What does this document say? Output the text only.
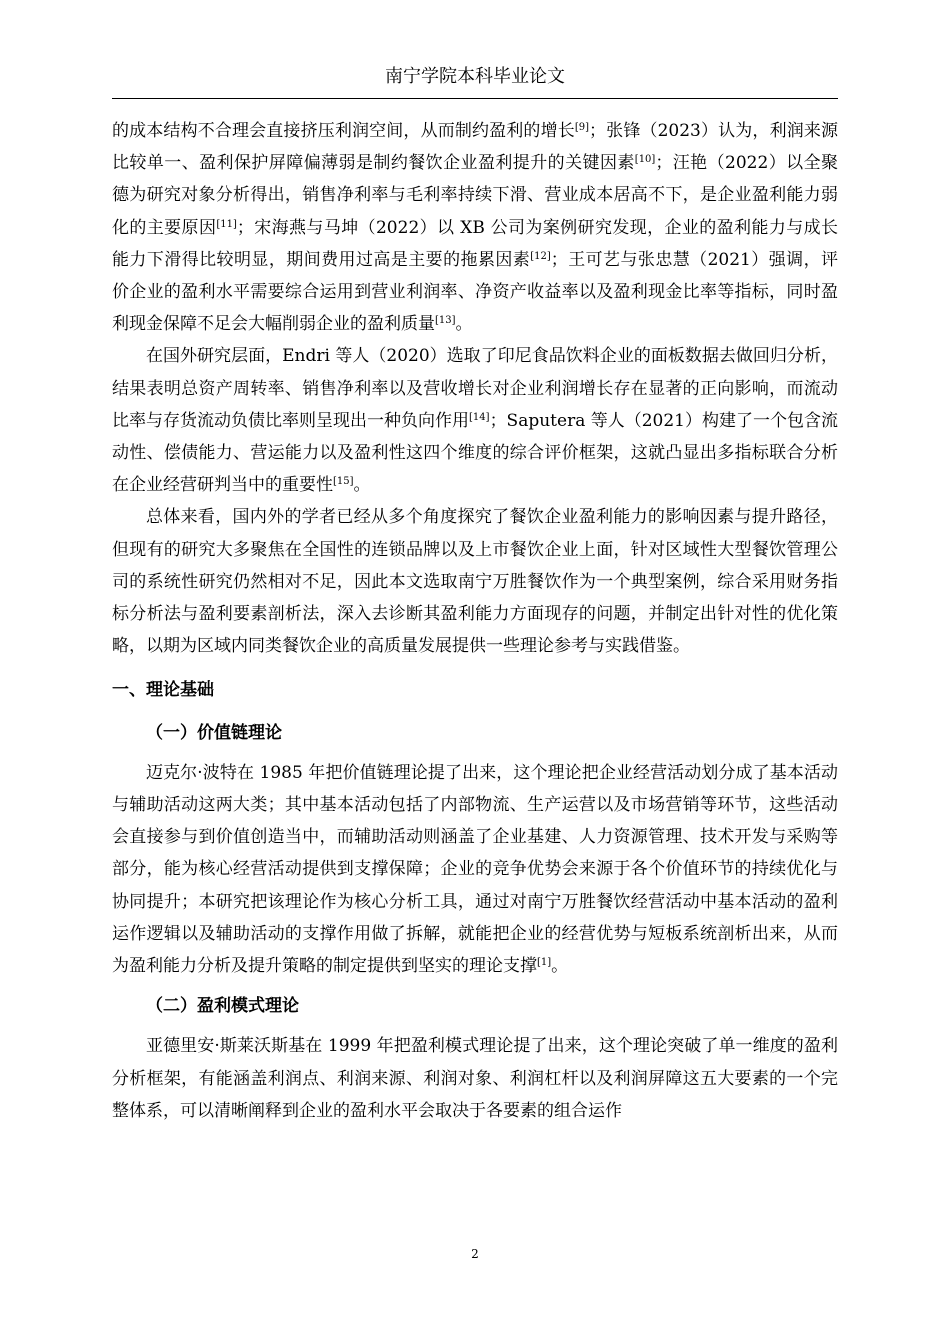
南宁学院本科毕业论文

的成本结构不合理会直接挤压利润空间，从而制约盈利的增长[9]；张锋（2023）认为，利润来源比较单一、盈利保护屏障偏薄弱是制约餐饮企业盈利提升的关键因素[10]；汪艳（2022）以全聚德为研究对象分析得出，销售净利率与毛利率持续下滑、营业成本居高不下，是企业盈利能力弱化的主要原因[11]；宋海燕与马坤（2022）以 XB 公司为案例研究发现，企业的盈利能力与成长能力下滑得比较明显，期间费用过高是主要的拖累因素[12]；王可艺与张忠慧（2021）强调，评价企业的盈利水平需要综合运用到营业利润率、净资产收益率以及盈利现金比率等指标，同时盈利现金保障不足会大幅削弱企业的盈利质量[13]。

在国外研究层面，Endri 等人（2020）选取了印尼食品饮料企业的面板数据去做回归分析，结果表明总资产周转率、销售净利率以及营收增长对企业利润增长存在显著的正向影响，而流动比率与存货流动负债比率则呈现出一种负向作用[14]；Saputera 等人（2021）构建了一个包含流动性、偿债能力、营运能力以及盈利性这四个维度的综合评价框架，这就凸显出多指标联合分析在企业经营研判当中的重要性[15]。

总体来看，国内外的学者已经从多个角度探究了餐饮企业盈利能力的影响因素与提升路径，但现有的研究大多聚焦在全国性的连锁品牌以及上市餐饮企业上面，针对区域性大型餐饮管理公司的系统性研究仍然相对不足，因此本文选取南宁万胜餐饮作为一个典型案例，综合采用财务指标分析法与盈利要素剖析法，深入去诊断其盈利能力方面现存的问题，并制定出针对性的优化策略，以期为区域内同类餐饮企业的高质量发展提供一些理论参考与实践借鉴。

一、理论基础
（一）价值链理论

迈克尔·波特在 1985 年把价值链理论提了出来，这个理论把企业经营活动划分成了基本活动与辅助活动这两大类；其中基本活动包括了内部物流、生产运营以及市场营销等环节，这些活动会直接参与到价值创造当中，而辅助活动则涵盖了企业基建、人力资源管理、技术开发与采购等部分，能为核心经营活动提供到支撑保障；企业的竞争优势会来源于各个价值环节的持续优化与协同提升；本研究把该理论作为核心分析工具，通过对南宁万胜餐饮经营活动中基本活动的盈利运作逻辑以及辅助活动的支撑作用做了拆解，就能把企业的经营优势与短板系统剖析出来，从而为盈利能力分析及提升策略的制定提供到坚实的理论支撑[1]。

（二）盈利模式理论

亚德里安·斯莱沃斯基在 1999 年把盈利模式理论提了出来，这个理论突破了单一维度的盈利分析框架，有能涵盖利润点、利润来源、利润对象、利润杠杆以及利润屏障这五大要素的一个完整体系，可以清晰阐释到企业的盈利水平会取决于各要素的组合运作

2
